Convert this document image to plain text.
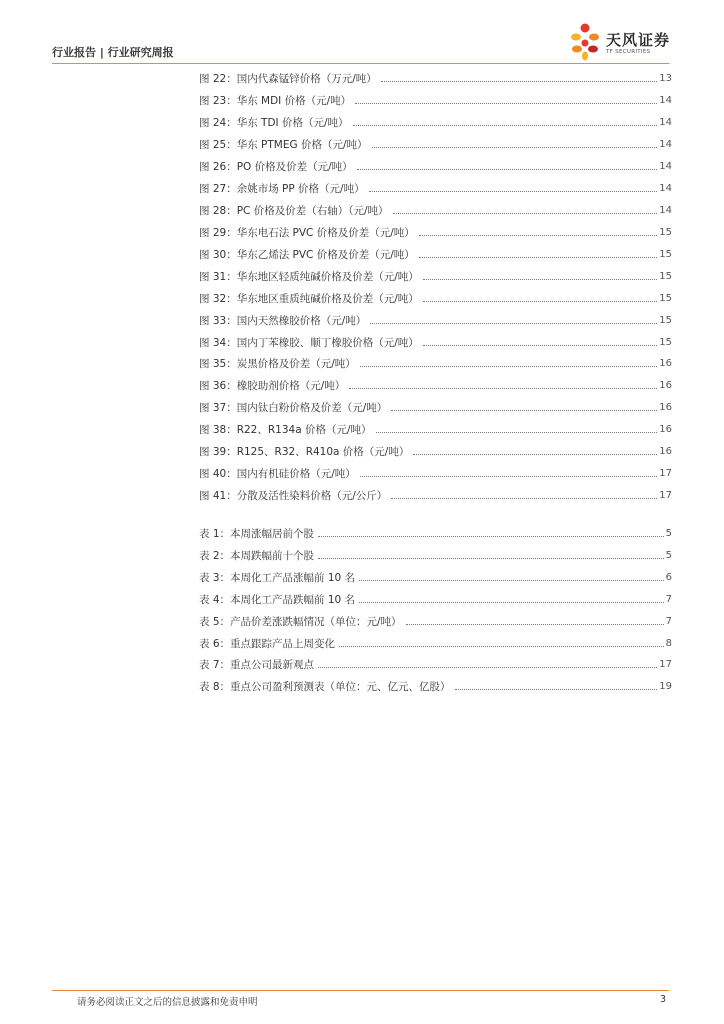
行业报告 | 行业研究周报
天风证券
TF SECURITIES
图 22：国内代森锰锌价格（万元/吨）	13
图 23：华东 MDI 价格（元/吨）	14
图 24：华东 TDI 价格（元/吨）	14
图 25：华东 PTMEG 价格（元/吨）	14
图 26：PO 价格及价差（元/吨）	14
图 27：余姚市场 PP 价格（元/吨）	14
图 28：PC 价格及价差（右轴）（元/吨）	14
图 29：华东电石法 PVC 价格及价差（元/吨）	15
图 30：华东乙烯法 PVC 价格及价差（元/吨）	15
图 31：华东地区轻质纯碱价格及价差（元/吨）	15
图 32：华东地区重质纯碱价格及价差（元/吨）	15
图 33：国内天然橡胶价格（元/吨）	15
图 34：国内丁苯橡胶、顺丁橡胶价格（元/吨）	15
图 35：炭黑价格及价差（元/吨）	16
图 36：橡胶助剂价格（元/吨）	16
图 37：国内钛白粉价格及价差（元/吨）	16
图 38：R22、R134a 价格（元/吨）	16
图 39：R125、R32、R410a 价格（元/吨）	16
图 40：国内有机硅价格（元/吨）	17
图 41：分散及活性染料价格（元/公斤）	17
表 1：本周涨幅居前个股	5
表 2：本周跌幅前十个股	5
表 3：本周化工产品涨幅前 10 名	6
表 4：本周化工产品跌幅前 10 名	7
表 5：产品价差涨跌幅情况（单位：元/吨）	7
表 6：重点跟踪产品上周变化	8
表 7：重点公司最新观点	17
表 8：重点公司盈利预测表（单位：元、亿元、亿股）	19
请务必阅读正文之后的信息披露和免责申明	3
